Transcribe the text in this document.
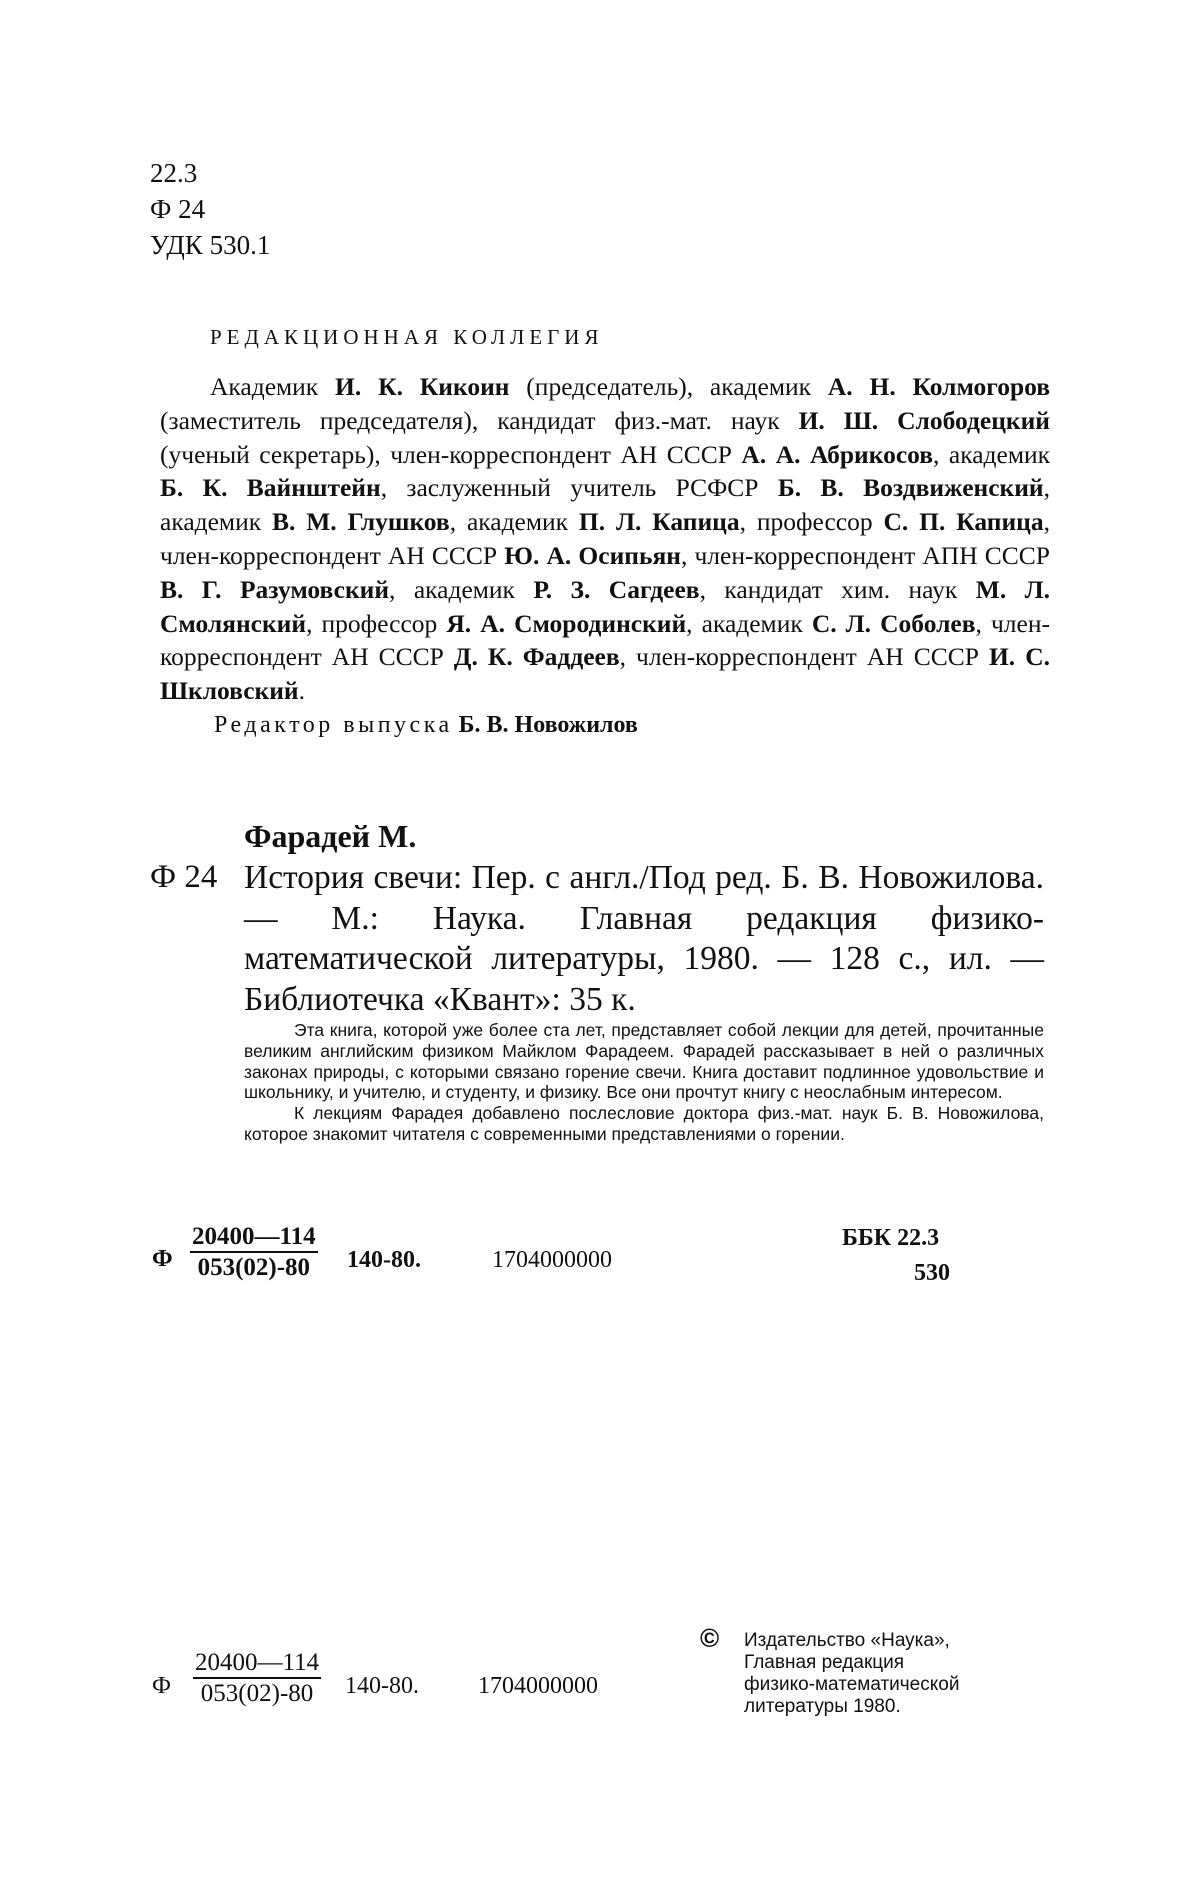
22.3
Ф 24
УДК 530.1
РЕДАКЦИОННАЯ КОЛЛЕГИЯ
Академик И. К. Кикоин (председатель), академик А. Н. Колмогоров (заместитель председателя), кандидат физ.-мат. наук И. Ш. Слободецкий (ученый секретарь), член-корреспондент АН СССР А. А. Абрикосов, академик Б. К. Вайнштейн, заслуженный учитель РСФСР Б. В. Воздвиженский, академик В. М. Глушков, академик П. Л. Капица, профессор С. П. Капица, член-корреспондент АН СССР Ю. А. Осипьян, член-корреспондент АПН СССР В. Г. Разумовский, академик Р. З. Сагдеев, кандидат хим. наук М. Л. Смолянский, профессор Я. А. Смородинский, академик С. Л. Соболев, член-корреспондент АН СССР Д. К. Фаддеев, член-корреспондент АН СССР И. С. Шкловский.
Редактор выпуска Б. В. Новожилов
Фарадей М.
Ф 24 История свечи: Пер. с англ./Под ред. Б. В. Новожилова.— М.: Наука. Главная редакция физико-математической литературы, 1980. — 128 с., ил. — Библиотечка «Квант»: 35 к.

Эта книга, которой уже более ста лет, представляет собой лекции для детей, прочитанные великим английским физиком Майклом Фарадеем. Фарадей рассказывает в ней о различных законах природы, с которыми связано горение свечи. Книга доставит подлинное удовольствие и школьнику, и учителю, и студенту, и физику. Все они прочтут книгу с неослабным интересом.

К лекциям Фарадея добавлено послесловие доктора физ.-мат. наук Б. В. Новожилова, которое знакомит читателя с современными представлениями о горении.

Ф $\frac{20400—114}{053(02)-80} 140-80$.	1704000000
ББК 22.3
530
Ф $\frac{20400—114}{053(02)-80} 140-80$. 1704000000
© Издательство «Наука»,
Главная редакция
физико-математической
литературы 1980.
